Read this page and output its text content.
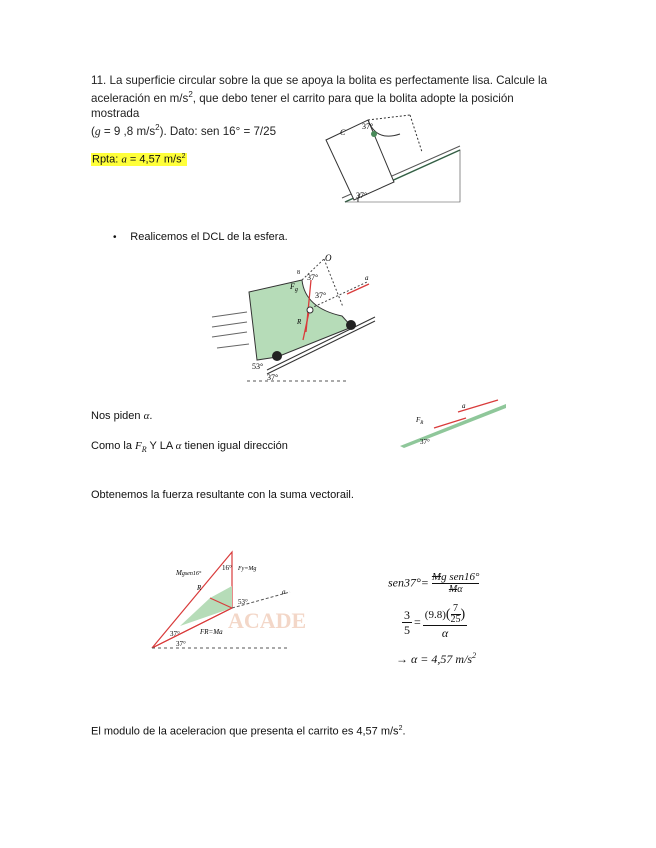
11. La superficie circular sobre la que se apoya la bolita es perfectamente lisa. Calcule la
aceleración en $m/s^2$, que debo tener el carrito para que la bolita adopte la posición mostrada
(g = 9 ,8 $m/s^2$). Dato: sen 16° = 7/25
Rpta: a = 4,57 $m/s^2$
C
37°
37°
• Realicemos el DCL de la esfera.
O
37°
37°
$F_g$
8
R
a
53°
37°
Nos piden α.
Como la $F_R$ Y LA α tienen igual dirección
$F_R$
a
37°
Obtenemos la fuerza resultante con la suma vectorail.
ACADE
Mgsen16°
16° Fy=Mg
R
53°
a
37°
37°
FR=Ma
sen37°= Mg sen16°
Mα
$\frac{3}{5} = (9.8)$ ( 7
25 )
α
→ α = 4,57 $m/s^2$
El modulo de la aceleracion que presenta el carrito es 4,57 $m/s^2$.
